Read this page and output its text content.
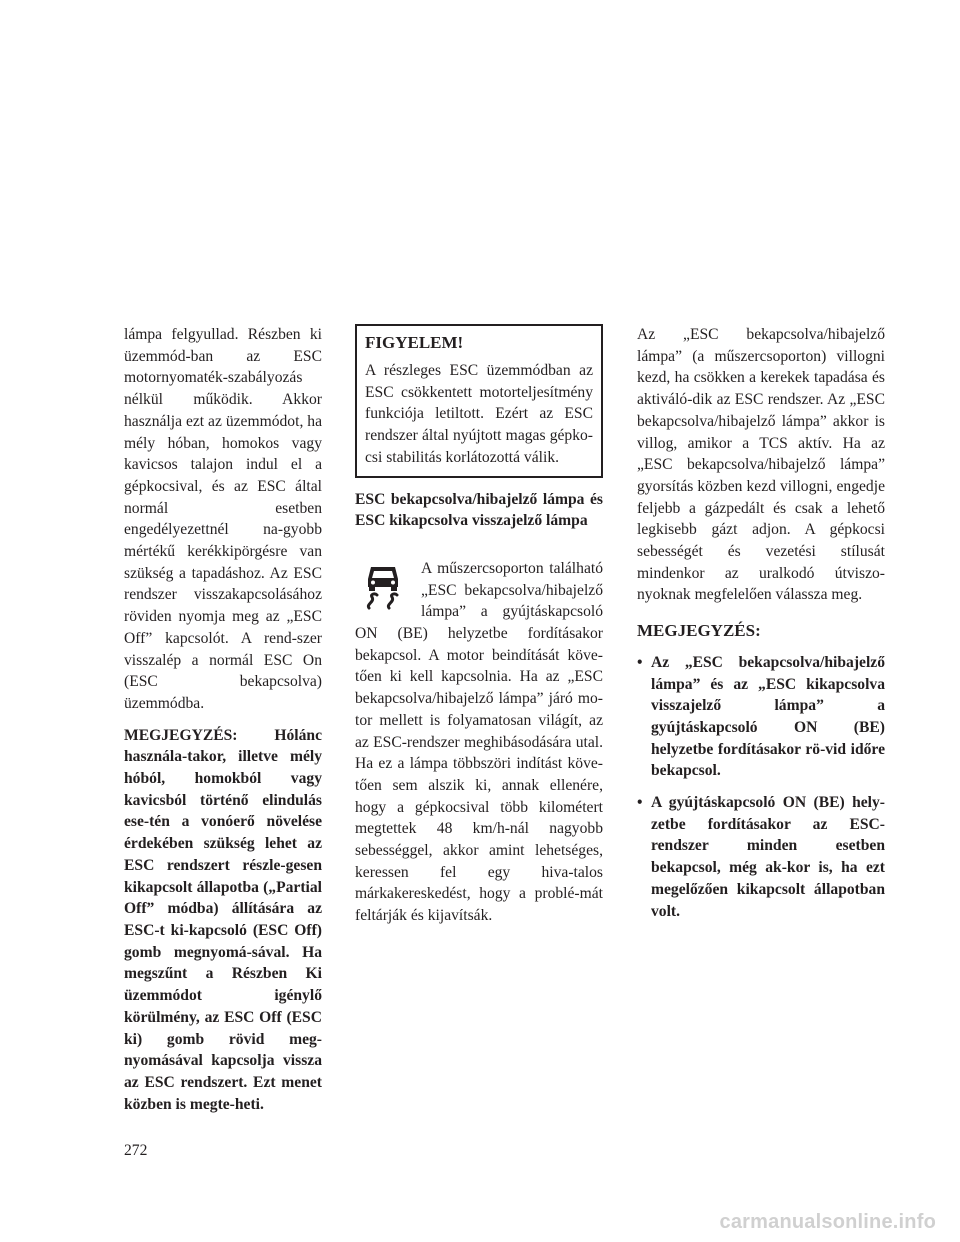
lámpa felgyullad. Részben ki üzemmód-ban az ESC motornyomaték-szabályozás nélkül működik. Akkor használja ezt az üzemmódot, ha mély hóban, homokos vagy kavicsos talajon indul el a gépkocsival, és az ESC által normál esetben engedélyezettnél na-gyobb mértékű kerékkipörgésre van szükség a tapadáshoz. Az ESC rendszer visszakapcsolásához röviden nyomja meg az „ESC Off” kapcsolót. A rend-szer visszalép a normál ESC On (ESC bekapcsolva) üzemmódba.

MEGJEGYZÉS: Hólánc használa-takor, illetve mély hóból, homokból vagy kavicsból történő elindulás ese-tén a vonóerő növelése érdekében szükség lehet az ESC rendszert részle-gesen kikapcsolt állapotba („Partial Off” módba) állítására az ESC-t ki-kapcsoló (ESC Off) gomb megnyomá-sával. Ha megszűnt a Részben Ki üzemmódot igénylő körülmény, az ESC Off (ESC ki) gomb rövid meg-nyomásával kapcsolja vissza az ESC rendszert. Ezt menet közben is megte-heti.

FIGYELEM!
A részleges ESC üzemmódban az ESC csökkentett motorteljesítmény funkciója letiltott. Ezért az ESC rendszer által nyújtott magas gépko-csi stabilitás korlátozottá válik.

ESC bekapcsolva/hibajelző lámpa és ESC kikapcsolva visszajelző lámpa

A műszercsoporton található „ESC bekapcsolva/hibajelző lámpa” a gyújtáskapcsoló ON (BE) helyzetbe fordításakor bekapcsol. A motor beindítását köve-tően ki kell kapcsolnia. Ha az „ESC bekapcsolva/hibajelző lámpa” járó mo-tor mellett is folyamatosan világít, az az ESC-rendszer meghibásodására utal. Ha ez a lámpa többszöri indítást köve-tően sem alszik ki, annak ellenére, hogy a gépkocsival több kilométert megtettek 48 km/h-nál nagyobb sebességgel, akkor amint lehetséges, keressen fel egy hiva-talos márkakereskedést, hogy a problé-mát feltárják és kijavítsák.

Az „ESC bekapcsolva/hibajelző lámpa” (a műszercsoporton) villogni kezd, ha csökken a kerekek tapadása és aktiváló-dik az ESC rendszer. Az „ESC bekapcsolva/hibajelző lámpa” akkor is villog, amikor a TCS aktív. Ha az „ESC bekapcsolva/hibajelző lámpa” gyorsítás közben kezd villogni, engedje feljebb a gázpedált és csak a lehető legkisebb gázt adjon. A gépkocsi sebességét és vezetési stílusát mindenkor az uralkodó útviszo-nyoknak megfelelően válassza meg.

MEGJEGYZÉS:

• Az „ESC bekapcsolva/hibajelző lámpa” és az „ESC kikapcsolva visszajelző lámpa” a gyújtáskapcsoló ON (BE) helyzetbe fordításakor rö-vid időre bekapcsol.
• A gyújtáskapcsoló ON (BE) hely-zetbe fordításakor az ESC-rendszer minden esetben bekapcsol, még ak-kor is, ha ezt megelőzően kikapcsolt állapotban volt.
272
carmanualsonline.info
